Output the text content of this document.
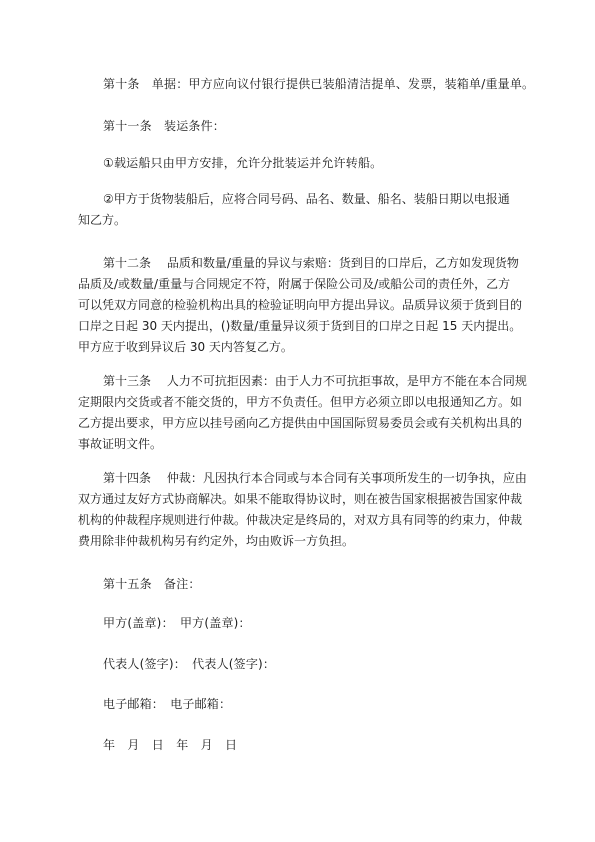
第十条　单据：甲方应向议付银行提供已装船清洁提单、发票，装箱单/重量单。

第十一条　装运条件：

①载运船只由甲方安排，允许分批装运并允许转船。

②甲方于货物装船后，应将合同号码、品名、数量、船名、装船日期以电报通
知乙方。
第十二条　 品质和数量/重量的异议与索赔：货到目的口岸后，乙方如发现货物
品质及/或数量/重量与合同规定不符，附属于保险公司及/或船公司的责任外，乙方
可以凭双方同意的检验机构出具的检验证明向甲方提出异议。品质异议须于货到目的
口岸之日起 30 天内提出，()数量/重量异议须于货到目的口岸之日起 15 天内提出。
甲方应于收到异议后 30 天内答复乙方。
第十三条　 人力不可抗拒因素：由于人力不可抗拒事故，是甲方不能在本合同规
定期限内交货或者不能交货的，甲方不负责任。但甲方必须立即以电报通知乙方。如
乙方提出要求，甲方应以挂号函向乙方提供由中国国际贸易委员会或有关机构出具的
事故证明文件。
第十四条　 仲裁：凡因执行本合同或与本合同有关事项所发生的一切争执，应由
双方通过友好方式协商解决。如果不能取得协议时，则在被告国家根据被告国家仲裁
机构的仲裁程序规则进行仲裁。仲裁决定是终局的，对双方具有同等的约束力，仲裁
费用除非仲裁机构另有约定外，均由败诉一方负担。

第十五条　备注：

甲方(盖章)：　甲方(盖章)：

代表人(签字)：　代表人(签字)：

电子邮箱：　电子邮箱：

年　月　日　年　月　日
